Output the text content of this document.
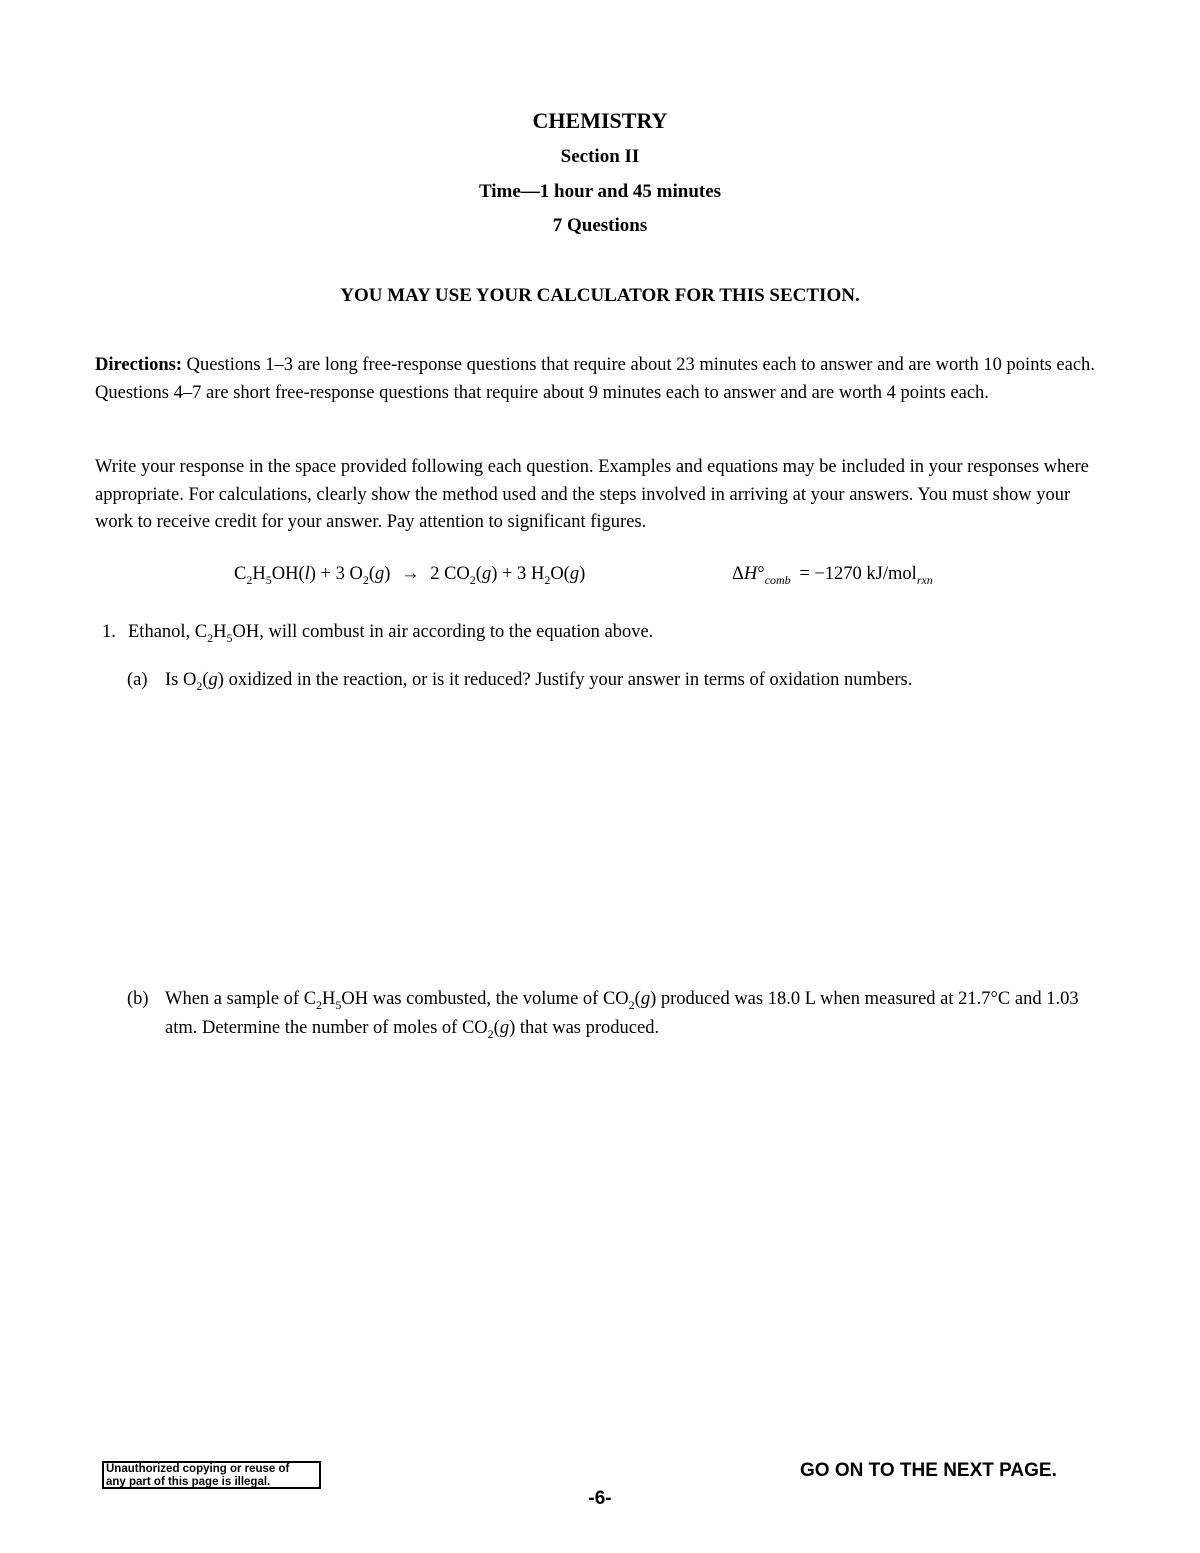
CHEMISTRY
Section II
Time—1 hour and 45 minutes
7 Questions
YOU MAY USE YOUR CALCULATOR FOR THIS SECTION.
Directions: Questions 1–3 are long free-response questions that require about 23 minutes each to answer and are worth 10 points each. Questions 4–7 are short free-response questions that require about 9 minutes each to answer and are worth 4 points each.
Write your response in the space provided following each question. Examples and equations may be included in your responses where appropriate. For calculations, clearly show the method used and the steps involved in arriving at your answers. You must show your work to receive credit for your answer. Pay attention to significant figures.
$C_2H_5OH(l) + 3$ $O_2(g) \to 2$ $CO_2(g) + 3$ $H_2O(g)$	$\Delta H^\circ_{comb} = -1270$ kJ/mol$_{rxn}$
1. Ethanol, $C_2H_5OH$, will combust in air according to the equation above.
(a) Is $O_2(g)$ oxidized in the reaction, or is it reduced? Justify your answer in terms of oxidation numbers.
(b) When a sample of $C_2H_5OH$ was combusted, the volume of $CO_2(g)$ produced was 18.0 L when measured at 21.7°C and 1.03 atm. Determine the number of moles of $CO_2(g)$ that was produced.
Unauthorized copying or reuse of
any part of this page is illegal.
GO ON TO THE NEXT PAGE.
-6-
